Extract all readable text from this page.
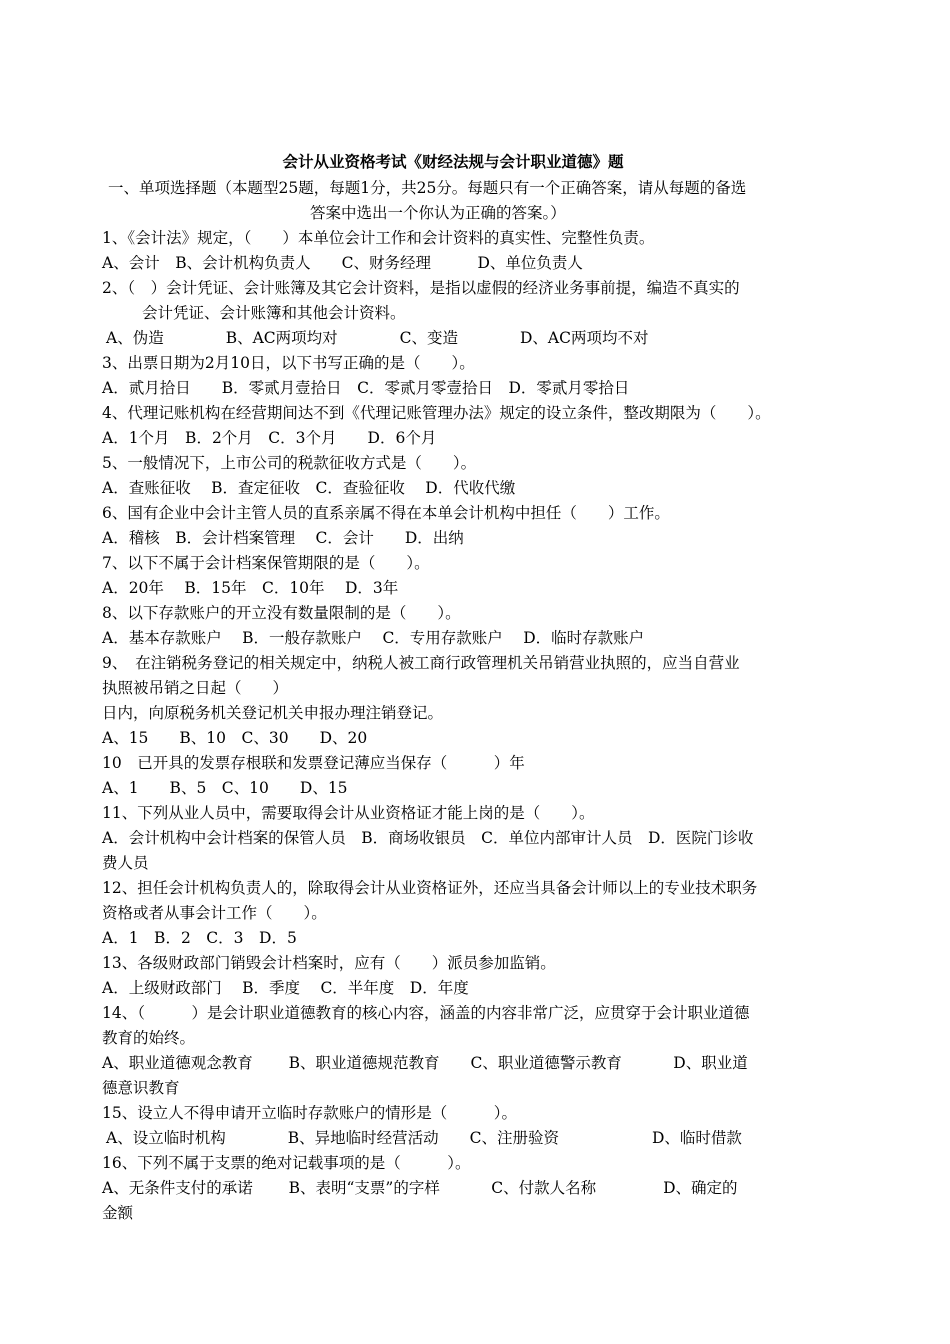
会计从业资格考试《财经法规与会计职业道德》题
一、单项选择题（本题型25题，每题1分，共25分。每题只有一个正确答案，请从每题的备选
答案中选出一个你认为正确的答案。）
1、《会计法》规定，（　　）本单位会计工作和会计资料的真实性、完整性负责。
A、会计　B、会计机构负责人　　C、财务经理　　　D、单位负责人
2、（　）会计凭证、会计账簿及其它会计资料，是指以虚假的经济业务事前提，编造不真实的
会计凭证、会计账簿和其他会计资料。
A、伪造　　　　B、AC两项均对　　　　C、变造　　　　D、AC两项均不对
3、出票日期为2月10日，以下书写正确的是（　　）。
A．贰月拾日　　B．零贰月壹拾日　C．零贰月零壹拾日　D．零贰月零拾日
4、代理记账机构在经营期间达不到《代理记账管理办法》规定的设立条件，整改期限为（　　）。
A．1个月　B．2个月　C．3个月　　D．6个月
5、一般情况下，上市公司的税款征收方式是（　　）。
A．查账征收　 B．查定征收　C．查验征收　 D．代收代缴
6、国有企业中会计主管人员的直系亲属不得在本单会计机构中担任（　　）工作。
A．稽核　B．会计档案管理　 C．会计　　D．出纳
7、以下不属于会计档案保管期限的是（　　）。
A．20年　 B．15年　C．10年　 D．3年
8、以下存款账户的开立没有数量限制的是（　　）。
A．基本存款账户　 B．一般存款账户　 C．专用存款账户　 D．临时存款账户
9、　在注销税务登记的相关规定中，纳税人被工商行政管理机关吊销营业执照的，应当自营业
执照被吊销之日起（　　）
日内，向原税务机关登记机关申报办理注销登记。
A、15　　B、10　C、30　　D、20
10　已开具的发票存根联和发票登记薄应当保存（　　　）年
A、1　　B、5　C、10　　D、15
11、下列从业人员中，需要取得会计从业资格证才能上岗的是（　　）。
A．会计机构中会计档案的保管人员　B．商场收银员　C．单位内部审计人员　D．医院门诊收
费人员
12、担任会计机构负责人的，除取得会计从业资格证外，还应当具备会计师以上的专业技术职务
资格或者从事会计工作（　　）。
A．1　B．2　C．3　D．5
13、各级财政部门销毁会计档案时，应有（　　）派员参加监销。
A．上级财政部门　 B．季度　 C．半年度　D．年度
14、（　　　）是会计职业道德教育的核心内容，涵盖的内容非常广泛，应贯穿于会计职业道德
教育的始终。
A、职业道德观念教育　　 B、职业道德规范教育　　C、职业道德警示教育　　　 D、职业道
德意识教育
15、设立人不得申请开立临时存款账户的情形是（　　　）。
A、设立临时机构　　　　B、异地临时经营活动　　C、注册验资　　　　　　D、临时借款
16、下列不属于支票的绝对记载事项的是（　　　）。
A、无条件支付的承诺　　 B、表明“支票”的字样　　　 C、付款人名称　　　　 D、确定的
金额
